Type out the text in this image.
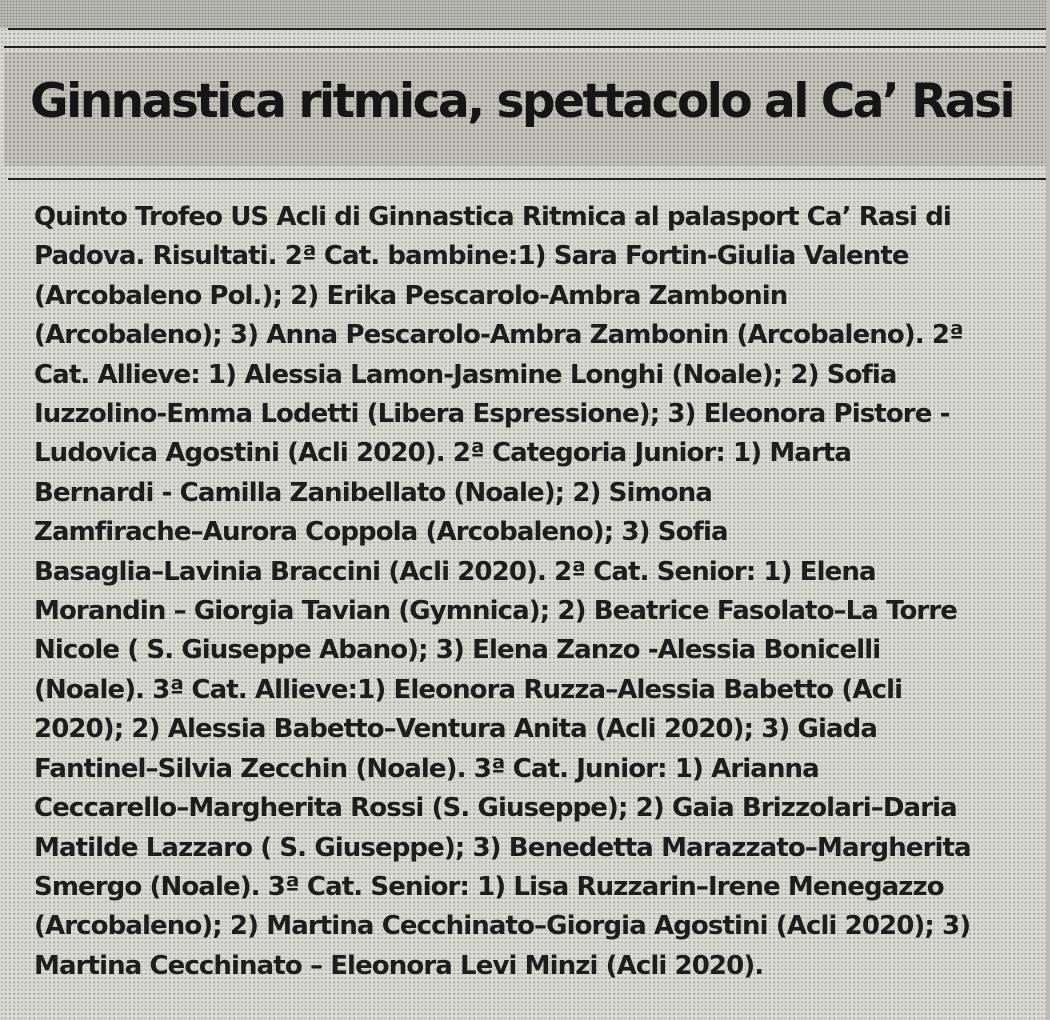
Ginnastica ritmica, spettacolo al Ca’ Rasi
Quinto Trofeo US Acli di Ginnastica Ritmica al palasport Ca’ Rasi di
Padova. Risultati. 2ª Cat. bambine:1) Sara Fortin-Giulia Valente
(Arcobaleno Pol.); 2) Erika Pescarolo-Ambra Zambonin
(Arcobaleno); 3) Anna Pescarolo-Ambra Zambonin (Arcobaleno). 2ª
Cat. Allieve: 1) Alessia Lamon-Jasmine Longhi (Noale); 2) Sofia
Iuzzolino-Emma Lodetti (Libera Espressione); 3) Eleonora Pistore -
Ludovica Agostini (Acli 2020). 2ª Categoria Junior: 1) Marta
Bernardi - Camilla Zanibellato (Noale); 2) Simona
Zamfirache–Aurora Coppola (Arcobaleno); 3) Sofia
Basaglia–Lavinia Braccini (Acli 2020). 2ª Cat. Senior: 1) Elena
Morandin – Giorgia Tavian (Gymnica); 2) Beatrice Fasolato–La Torre
Nicole ( S. Giuseppe Abano); 3) Elena Zanzo -Alessia Bonicelli
(Noale). 3ª Cat. Allieve:1) Eleonora Ruzza–Alessia Babetto (Acli
2020); 2) Alessia Babetto–Ventura Anita (Acli 2020); 3) Giada
Fantinel–Silvia Zecchin (Noale). 3ª Cat. Junior: 1) Arianna
Ceccarello–Margherita Rossi (S. Giuseppe); 2) Gaia Brizzolari–Daria
Matilde Lazzaro ( S. Giuseppe); 3) Benedetta Marazzato–Margherita
Smergo (Noale). 3ª Cat. Senior: 1) Lisa Ruzzarin–Irene Menegazzo
(Arcobaleno); 2) Martina Cecchinato–Giorgia Agostini (Acli 2020); 3)
Martina Cecchinato – Eleonora Levi Minzi (Acli 2020).
